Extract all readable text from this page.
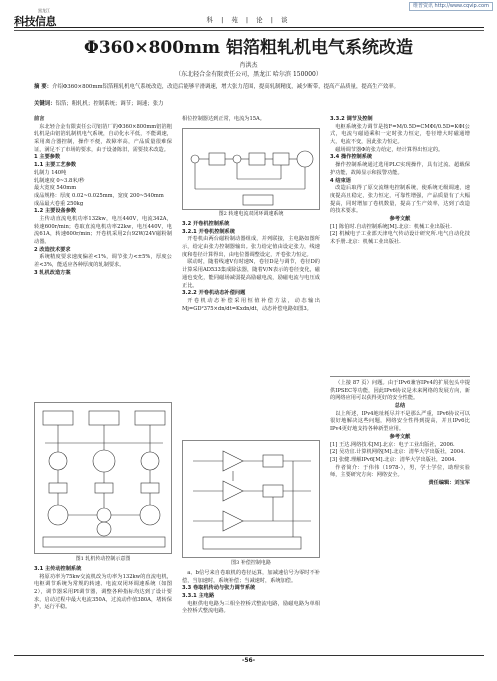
维普资讯 http://www.cqvip.com
黑龙江
科技信息	科 | 苑 | 论 | 谈
Φ360×800mm 铝箔粗轧机电气系统改造
肖洪杰
（东北轻合金有限责任公司，黑龙江 哈尔滨 150000）
摘 要：介绍Φ360×800mm铝箔粗轧机电气系统改造，改造后能够平滑调速，增大张力范围，提高轧制精度，减少断带，提高产品质量，提高生产效率。
关键词：铝箔；粗轧机；控制系统；调节；调速；张力
前言

东北轻合金有限责任公司铝箔厂的Φ360×800mm铝箔粗轧机是由铝箔轧制机电气系统，自动化水平低，不能调速，采用离合器控制，操作不便，故障率高，产品质量很难保证，满足不了市场的要求，由于设备陈旧，需要技术改造。

1 主要参数
1.1 主要工艺参数
轧制力 140吨
轧制速度 0~3.8米/秒
最大宽度 540mm
成品规格：厚度 0.02~0.025mm，宽度 200~540mm
成品最大卷重 250kg
1.2 主要设备参数

主传动直流电机功率132kw，电压440V，电流342A，转速600r/min；卷取直流电机功率22kw，电压440V，电流61A，转速600r/min；开卷机采用2台92W/24V磁粉制动器。

2 改造技术要求

系统精度要求速度偏差<1%，调节张力<±5%，厚度公差<3%，能适应各种厚度的轧制要求。

3 轧机改造方案
图1 轧机传动控制示意图
3.1 主传动控制系统

将原功率为75kw交流机改为功率为132kw的直流电机，电枢调节系统为常规的转速、电流双闭环调速系统（如图2），调节器采用PI调节器，调整各种指标均达到了设计要求，启动过程中最大电流350A，过流动作值380A，堵转保护，运行平稳。

相位控制器达到正常，电流为15A。
图2 转速电流双闭环调速系统
3.2 开卷机控制系统
3.2.1 开卷机控制系统

开卷机由两台磁粉制动器组成，并列联接，主电路如图所示，给定由张力控制器输出。张力给定值由设定张力，线速度和卷径计算得出，由电位器调整设定，开卷张力恒定。

联动时，随着线速V有时速N，卷径D是与调节，卷径D的计算采用AD533集成除法器，随着V/N表示的卷径变化，磁通也变化，能同磁场减弱提高励磁电流，励磁电流与电压成正比。

3.2.2 开卷机动态补偿问题

开卷机动态补偿采用恒值补偿方法，动态输出Mj=GD²375×dn/dt=Kxdn/dt，动态补偿电路如图3。

图3 补偿控制电路

a、b信号来自卷取机的卷径运算，加减速信号为零时不补偿，当加速时，系统补偿；当减速时，系统加偿。

3.3 卷取机传动与张力调节系统
3.3.1 主电路

电枢供电电路为三相全控桥式整流电路，励磁电路为单相全控桥式整流电路。

3.3.2 调节及控制

电枢系统张力调节是按F=M/0.5D=CMΦI/0.5D=KΦI公式，电流与磁通乘积一定时张力恒定，卷径增大时磁通增大，电流不变，因此张力恒定。

磁场调节器Φ的张力给定，经计算得出恒定的。

3.4 操作控制系统

操作控制系统通过选用PLC实现操作，具有过流、超载保护功能，故障显示和报警功能。

4 结束语

改造后取得了原交流继电控制系统，使系统无级调速，速度提高且稳定，张力恒定，可靠性增强，产品质量有了大幅提高，同时增加了卷机数量，提高了生产效率，达到了改造的技术要求。

参考文献
[1] 陈伯时.自动控制系统[M].北京：机械工业出版社.
[2] 机械电子工业部天津电气传动设计研究所.电气自动化技术手册.北京：机械工业出版社.

（上接 87 页）问题。由于IPv6兼容IPv4的扩展包头中提供IPSEC等功能，因此IPv6协议是未来网络的发展方向，新的网络应用可以获得更好的安全性能。

总结

以上所述，IPv4地址耗尽并不是那么严重，IPv6协议可以很好地解决这些问题，网络安全性得到提高，并且IPv6比IPv4更好地支持各种新型应用。

参考文献
[1] 王达.网络技术[M].北京：电子工业出版社，2006.
[2] 吴功宜.计算机网络[M].北京：清华大学出版社，2004.
[3] 张健.理解IPv6[M].北京：清华大学出版社，2004.

作者简介：于伟伟（1978-），男，学士学位，助理实验师，主要研究方向：网络安全。

责任编辑：刘宝军
-56-
